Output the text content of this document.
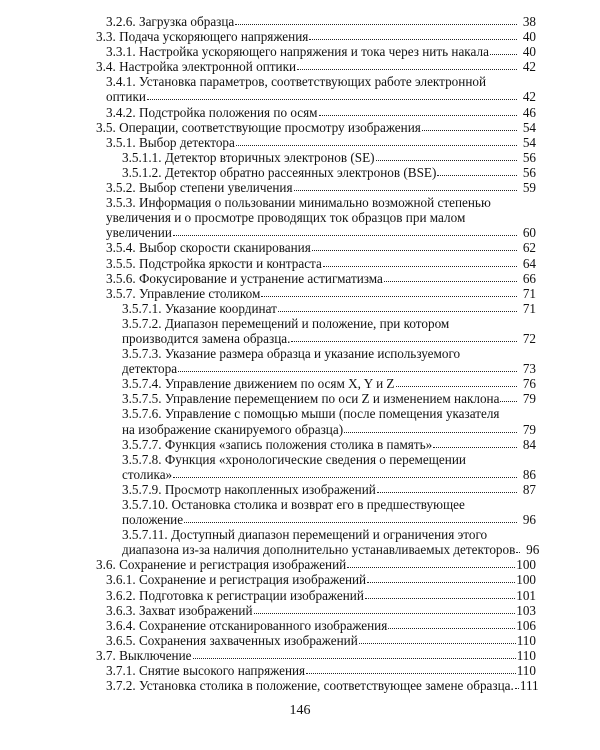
3.2.6. Загрузка образца	38
3.3. Подача ускоряющего напряжения	40
3.3.1. Настройка ускоряющего напряжения и тока через нить накала	40
3.4. Настройка электронной оптики	42
3.4.1. Установка параметров, соответствующих работе электронной
оптики	42
3.4.2. Подстройка положения по осям	46
3.5. Операции, соответствующие просмотру изображения	54
3.5.1. Выбор детектора	54
3.5.1.1. Детектор вторичных электронов (SE)	56
3.5.1.2. Детектор обратно рассеянных электронов (BSE)	56
3.5.2. Выбор степени увеличения	59
3.5.3. Информация о пользовании минимально возможной степенью
увеличения и о просмотре проводящих ток образцов при малом
увеличении	60
3.5.4. Выбор скорости сканирования	62
3.5.5. Подстройка яркости и контраста	64
3.5.6. Фокусирование и устранение астигматизма	66
3.5.7. Управление столиком	71
3.5.7.1. Указание координат	71
3.5.7.2. Диапазон перемещений и положение, при котором
производится замена образца.	72
3.5.7.3. Указание размера образца и указание используемого
детектора	73
3.5.7.4. Управление движением по осям X, Y и Z	76
3.5.7.5. Управление перемещением по оси Z и изменением наклона	79
3.5.7.6. Управление с помощью мыши (после помещения указателя
на изображение сканируемого образца)	79
3.5.7.7. Функция «запись положения столика в память»	84
3.5.7.8. Функция «хронологические сведения о перемещении
столика»	86
3.5.7.9. Просмотр накопленных изображений	87
3.5.7.10. Остановка столика и возврат его в предшествующее
положение	96
3.5.7.11. Доступный диапазон перемещений и ограничения этого
диапазона из-за наличия дополнительно устанавливаемых детекторов 96
3.6. Сохранение и регистрация изображений	100
3.6.1. Сохранение и регистрация изображений	100
3.6.2. Подготовка к регистрации изображений	101
3.6.3. Захват изображений	103
3.6.4. Сохранение отсканированного изображения	106
3.6.5. Сохранения захваченных изображений	110
3.7. Выключение	110
3.7.1. Снятие высокого напряжения	110
3.7.2. Установка столика в положение, соответствующее замене образца. 111
146
